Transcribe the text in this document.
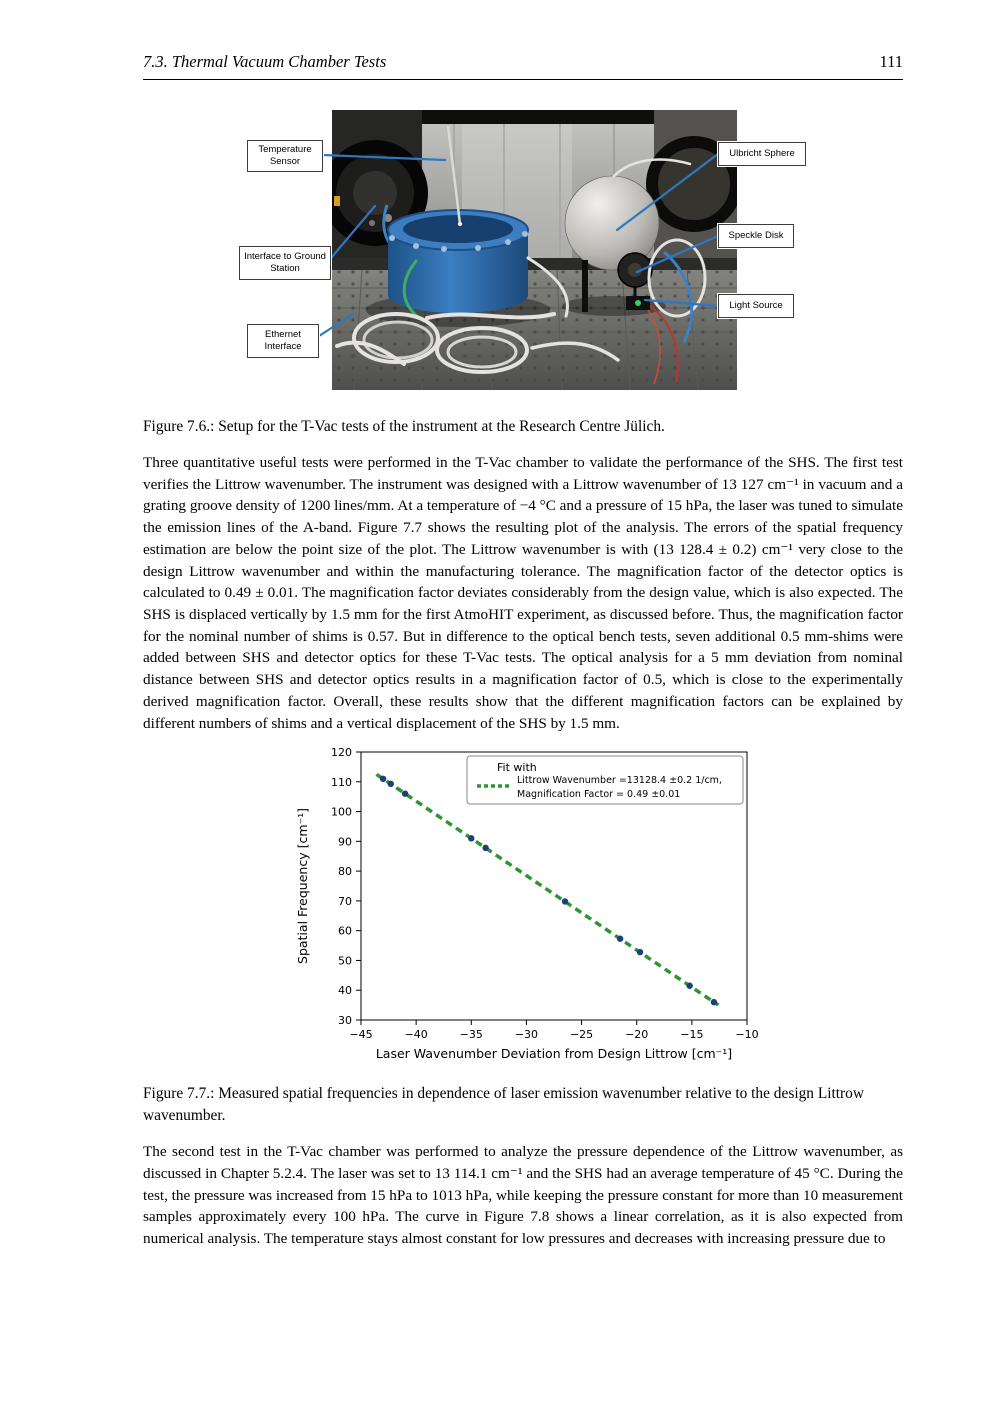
7.3. Thermal Vacuum Chamber Tests	111
Temperature Sensor
Ulbricht Sphere
Interface to Ground Station
Speckle Disk
Light Source
Ethernet Interface
Figure 7.6.: Setup for the T-Vac tests of the instrument at the Research Centre Jülich.
Three quantitative useful tests were performed in the T-Vac chamber to validate the performance of the SHS. The first test verifies the Littrow wavenumber. The instrument was designed with a Littrow wavenumber of 13 127 cm⁻¹ in vacuum and a grating groove density of 1200 lines/mm. At a temperature of −4 °C and a pressure of 15 hPa, the laser was tuned to simulate the emission lines of the A-band. Figure 7.7 shows the resulting plot of the analysis. The errors of the spatial frequency estimation are below the point size of the plot. The Littrow wavenumber is with (13 128.4 ± 0.2) cm⁻¹ very close to the design Littrow wavenumber and within the manufacturing tolerance. The magnification factor of the detector optics is calculated to 0.49 ± 0.01. The magnification factor deviates considerably from the design value, which is also expected. The SHS is displaced vertically by 1.5 mm for the first AtmoHIT experiment, as discussed before. Thus, the magnification factor for the nominal number of shims is 0.57. But in difference to the optical bench tests, seven additional 0.5 mm-shims were added between SHS and detector optics for these T-Vac tests. The optical analysis for a 5 mm deviation from nominal distance between SHS and detector optics results in a magnification factor of 0.5, which is close to the experimentally derived magnification factor. Overall, these results show that the different magnification factors can be explained by different numbers of shims and a vertical displacement of the SHS by 1.5 mm.
−45	−40	−35	−30	−25	−20	−15	−10
30
40
50
60
70
80
90
100
110
120
Fit with
Littrow Wavenumber =13128.4 ±0.2 1/cm,
Magnification Factor = 0.49 ±0.01
Laser Wavenumber Deviation from Design Littrow [cm⁻¹]
Spatial Frequency [cm⁻¹]
Figure 7.7.: Measured spatial frequencies in dependence of laser emission wavenumber relative to the design Littrow wavenumber.
The second test in the T-Vac chamber was performed to analyze the pressure dependence of the Littrow wavenumber, as discussed in Chapter 5.2.4. The laser was set to 13 114.1 cm⁻¹ and the SHS had an average temperature of 45 °C. During the test, the pressure was increased from 15 hPa to 1013 hPa, while keeping the pressure constant for more than 10 measurement samples approximately every 100 hPa. The curve in Figure 7.8 shows a linear correlation, as it is also expected from numerical analysis. The temperature stays almost constant for low pressures and decreases with increasing pressure due to
